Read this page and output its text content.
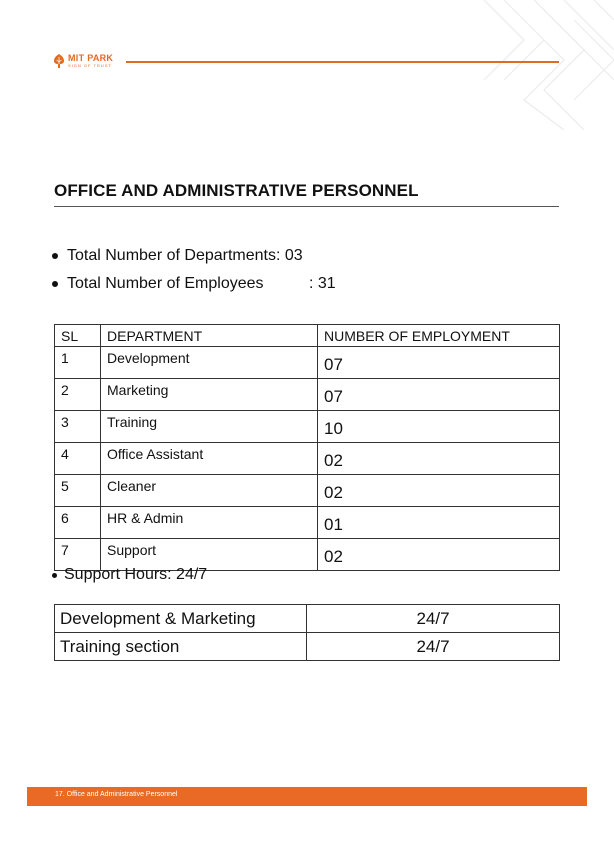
MIT PARK
SIGN OF TRUST
OFFICE AND ADMINISTRATIVE PERSONNEL
Total Number of Departments : 03
Total Number of Employees	: 31
SL	DEPARTMENT	NUMBER OF EMPLOYMENT
1	Development	07
2	Marketing	07
3	Training	10
4	Office Assistant	02
5	Cleaner	02
6	HR & Admin	01
7	Support	02
Support Hours: 24/7
Development & Marketing	24/7
Training section	24/7
17. Office and Administrative Personnel
